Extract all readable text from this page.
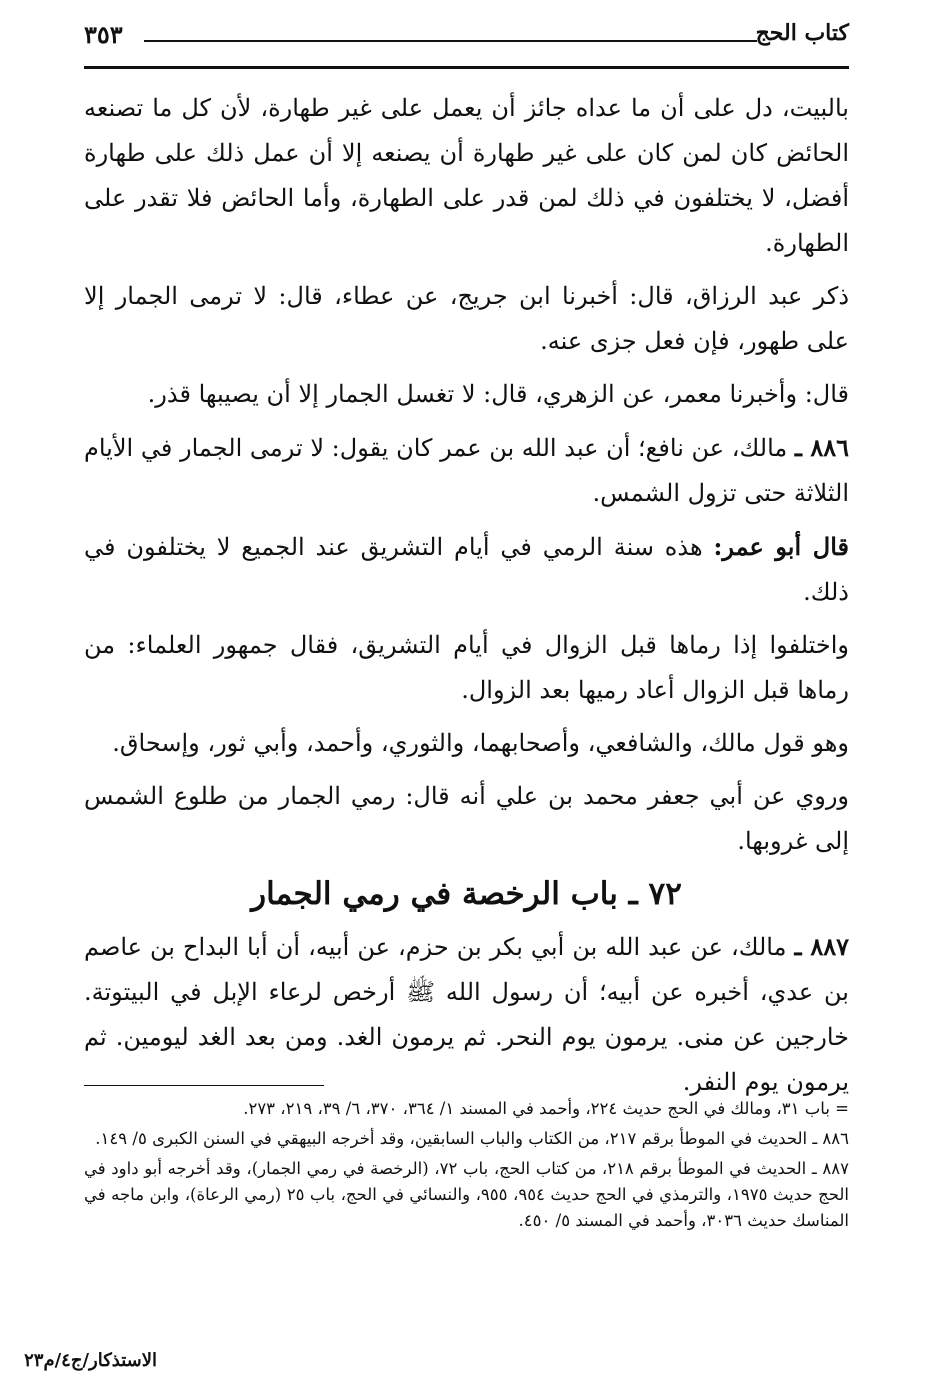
كتاب الحج
٣٥٣

بالبيت، دل على أن ما عداه جائز أن يعمل على غير طهارة، لأن كل ما تصنعه الحائض كان لمن كان على غير طهارة أن يصنعه إلا أن عمل ذلك على طهارة أفضل، لا يختلفون في ذلك لمن قدر على الطهارة، وأما الحائض فلا تقدر على الطهارة.

ذكر عبد الرزاق، قال: أخبرنا ابن جريج، عن عطاء، قال: لا ترمى الجمار إلا على طهور، فإن فعل جزى عنه.

قال: وأخبرنا معمر، عن الزهري، قال: لا تغسل الجمار إلا أن يصيبها قذر.

٨٨٦ ـ مالك، عن نافع؛ أن عبد الله بن عمر كان يقول: لا ترمى الجمار في الأيام الثلاثة حتى تزول الشمس.

قال أبو عمر: هذه سنة الرمي في أيام التشريق عند الجميع لا يختلفون في ذلك.

واختلفوا إذا رماها قبل الزوال في أيام التشريق، فقال جمهور العلماء: من رماها قبل الزوال أعاد رميها بعد الزوال.

وهو قول مالك، والشافعي، وأصحابهما، والثوري، وأحمد، وأبي ثور، وإسحاق.

وروي عن أبي جعفر محمد بن علي أنه قال: رمي الجمار من طلوع الشمس إلى غروبها.

٧٢ ـ باب الرخصة في رمي الجمار

٨٨٧ ـ مالك، عن عبد الله بن أبي بكر بن حزم، عن أبيه، أن أبا البداح بن عاصم بن عدي، أخبره عن أبيه؛ أن رسول الله ﷺ أرخص لرعاء الإبل في البيتوتة. خارجين عن منى. يرمون يوم النحر. ثم يرمون الغد. ومن بعد الغد ليومين. ثم يرمون يوم النفر.

= باب ٣١، ومالك في الحج حديث ٢٢٤، وأحمد في المسند ١/ ٣٦٤، ٣٧٠، ٦/ ٣٩، ٢١٩، ٢٧٣.

٨٨٦ ـ الحديث في الموطأ برقم ٢١٧، من الكتاب والباب السابقين، وقد أخرجه البيهقي في السنن الكبرى ٥/ ١٤٩.

٨٨٧ ـ الحديث في الموطأ برقم ٢١٨، من كتاب الحج، باب ٧٢، (الرخصة في رمي الجمار)، وقد أخرجه أبو داود في الحج حديث ١٩٧٥، والترمذي في الحج حديث ٩٥٤، ٩٥٥، والنسائي في الحج، باب ٢٥ (رمي الرعاة)، وابن ماجه في المناسك حديث ٣٠٣٦، وأحمد في المسند ٥/ ٤٥٠.

الاستذكار/ج٤/م٢٣
